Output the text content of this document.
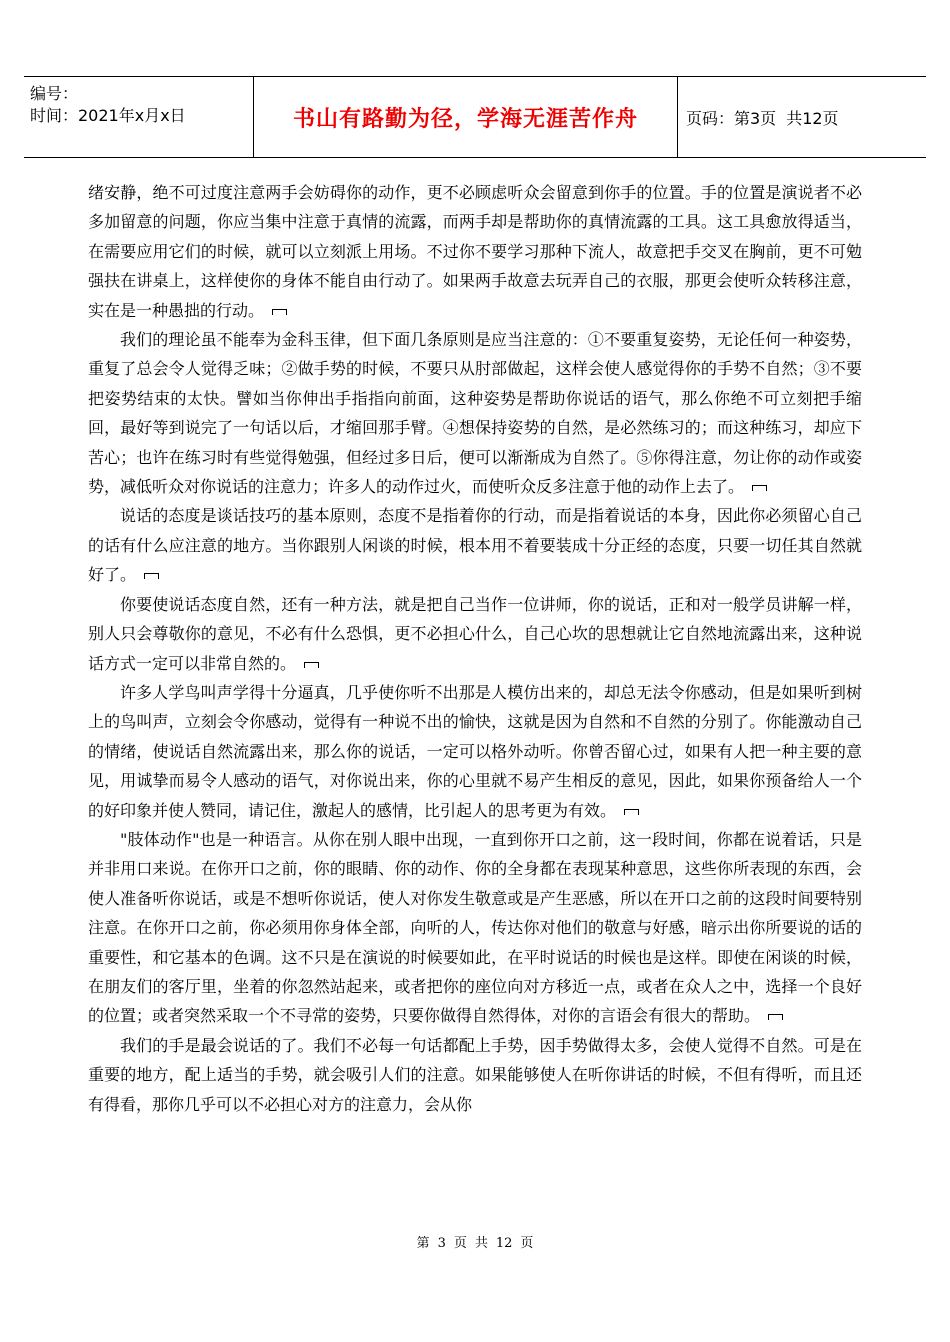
编号：
时间：2021年x月x日	书山有路勤为径，学海无涯苦作舟	页码：第3页 共12页

绪安静，绝不可过度注意两手会妨碍你的动作，更不必顾虑听众会留意到你手的位置。手的位置是演说者不必多加留意的问题，你应当集中注意于真情的流露，而两手却是帮助你的真情流露的工具。这工具愈放得适当，在需要应用它们的时候，就可以立刻派上用场。不过你不要学习那种下流人，故意把手交叉在胸前，更不可勉强扶在讲桌上，这样使你的身体不能自由行动了。如果两手故意去玩弄自己的衣服，那更会使听众转移注意，实在是一种愚拙的行动。

我们的理论虽不能奉为金科玉律，但下面几条原则是应当注意的：①不要重复姿势，无论任何一种姿势，重复了总会令人觉得乏味；②做手势的时候，不要只从肘部做起，这样会使人感觉得你的手势不自然；③不要把姿势结束的太快。譬如当你伸出手指指向前面，这种姿势是帮助你说话的语气，那么你绝不可立刻把手缩回，最好等到说完了一句话以后，才缩回那手臂。④想保持姿势的自然，是必然练习的；而这种练习，却应下苦心；也许在练习时有些觉得勉强，但经过多日后，便可以渐渐成为自然了。⑤你得注意，勿让你的动作或姿势，减低听众对你说话的注意力；许多人的动作过火，而使听众反多注意于他的动作上去了。

说话的态度是谈话技巧的基本原则，态度不是指着你的行动，而是指着说话的本身，因此你必须留心自己的话有什么应注意的地方。当你跟别人闲谈的时候，根本用不着要装成十分正经的态度，只要一切任其自然就好了。

你要使说话态度自然，还有一种方法，就是把自己当作一位讲师，你的说话，正和对一般学员讲解一样，别人只会尊敬你的意见，不必有什么恐惧，更不必担心什么，自己心坎的思想就让它自然地流露出来，这种说话方式一定可以非常自然的。

许多人学鸟叫声学得十分逼真，几乎使你听不出那是人模仿出来的，却总无法令你感动，但是如果听到树上的鸟叫声，立刻会令你感动，觉得有一种说不出的愉快，这就是因为自然和不自然的分别了。你能激动自己的情绪，使说话自然流露出来，那么你的说话，一定可以格外动听。你曾否留心过，如果有人把一种主要的意见，用诚挚而易令人感动的语气，对你说出来，你的心里就不易产生相反的意见，因此，如果你预备给人一个的好印象并使人赞同，请记住，激起人的感情，比引起人的思考更为有效。

"肢体动作"也是一种语言。从你在别人眼中出现，一直到你开口之前，这一段时间，你都在说着话，只是并非用口来说。在你开口之前，你的眼睛、你的动作、你的全身都在表现某种意思，这些你所表现的东西，会使人准备听你说话，或是不想听你说话，使人对你发生敬意或是产生恶感，所以在开口之前的这段时间要特别注意。在你开口之前，你必须用你身体全部，向听的人，传达你对他们的敬意与好感，暗示出你所要说的话的重要性，和它基本的色调。这不只是在演说的时候要如此，在平时说话的时候也是这样。即使在闲谈的时候，在朋友们的客厅里，坐着的你忽然站起来，或者把你的座位向对方移近一点，或者在众人之中，选择一个良好的位置；或者突然采取一个不寻常的姿势，只要你做得自然得体，对你的言语会有很大的帮助。

我们的手是最会说话的了。我们不必每一句话都配上手势，因手势做得太多，会使人觉得不自然。可是在重要的地方，配上适当的手势，就会吸引人们的注意。如果能够使人在听你讲话的时候，不但有得听，而且还有得看，那你几乎可以不必担心对方的注意力，会从你

第 3 页 共 12 页
